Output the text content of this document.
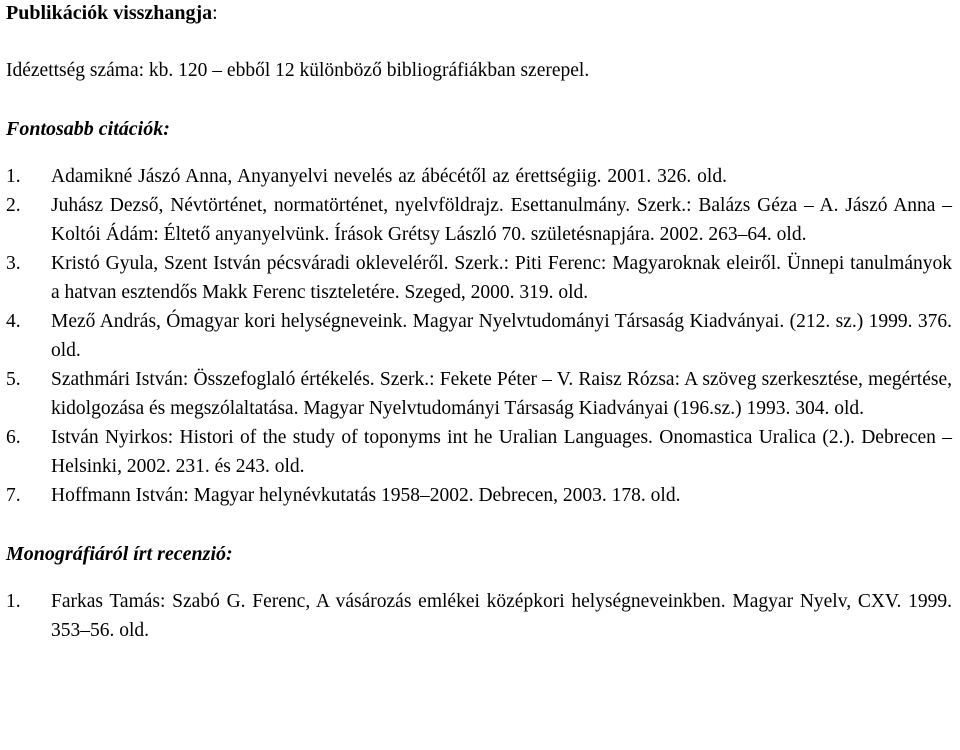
Publikációk visszhangja:

Idézettség száma: kb. 120 – ebből 12 különböző bibliográfiákban szerepel.

Fontosabb citációk:

1.	Adamikné Jászó Anna, Anyanyelvi nevelés az ábécétől az érettségiig. 2001. 326. old.
2.	Juhász Dezső, Névtörténet, normatörténet, nyelvföldrajz. Esettanulmány. Szerk.: Balázs Géza – A. Jászó Anna – Koltói Ádám: Éltető anyanyelvünk. Írások Grétsy László 70. születésnapjára. 2002. 263–64. old.
3.	Kristó Gyula, Szent István pécsváradi okleveléről. Szerk.: Piti Ferenc: Magyaroknak eleiről. Ünnepi tanulmányok a hatvan esztendős Makk Ferenc tiszteletére. Szeged, 2000. 319. old.
4.	Mező András, Ómagyar kori helységneveink. Magyar Nyelvtudományi Társaság Kiadványai. (212. sz.) 1999. 376. old.
5.	Szathmári István: Összefoglaló értékelés. Szerk.: Fekete Péter – V. Raisz Rózsa: A szöveg szerkesztése, megértése, kidolgozása és megszólaltatása. Magyar Nyelvtudományi Társaság Kiadványai (196.sz.) 1993. 304. old.
6.	István Nyirkos: Histori of the study of toponyms int he Uralian Languages. Onomastica Uralica (2.). Debrecen – Helsinki, 2002. 231. és 243. old.
7.	Hoffmann István: Magyar helynévkutatás 1958–2002. Debrecen, 2003. 178. old.

Monográfiáról írt recenzió:

1.	Farkas Tamás: Szabó G. Ferenc, A vásározás emlékei középkori helységneveinkben. Magyar Nyelv, CXV. 1999. 353–56. old.
